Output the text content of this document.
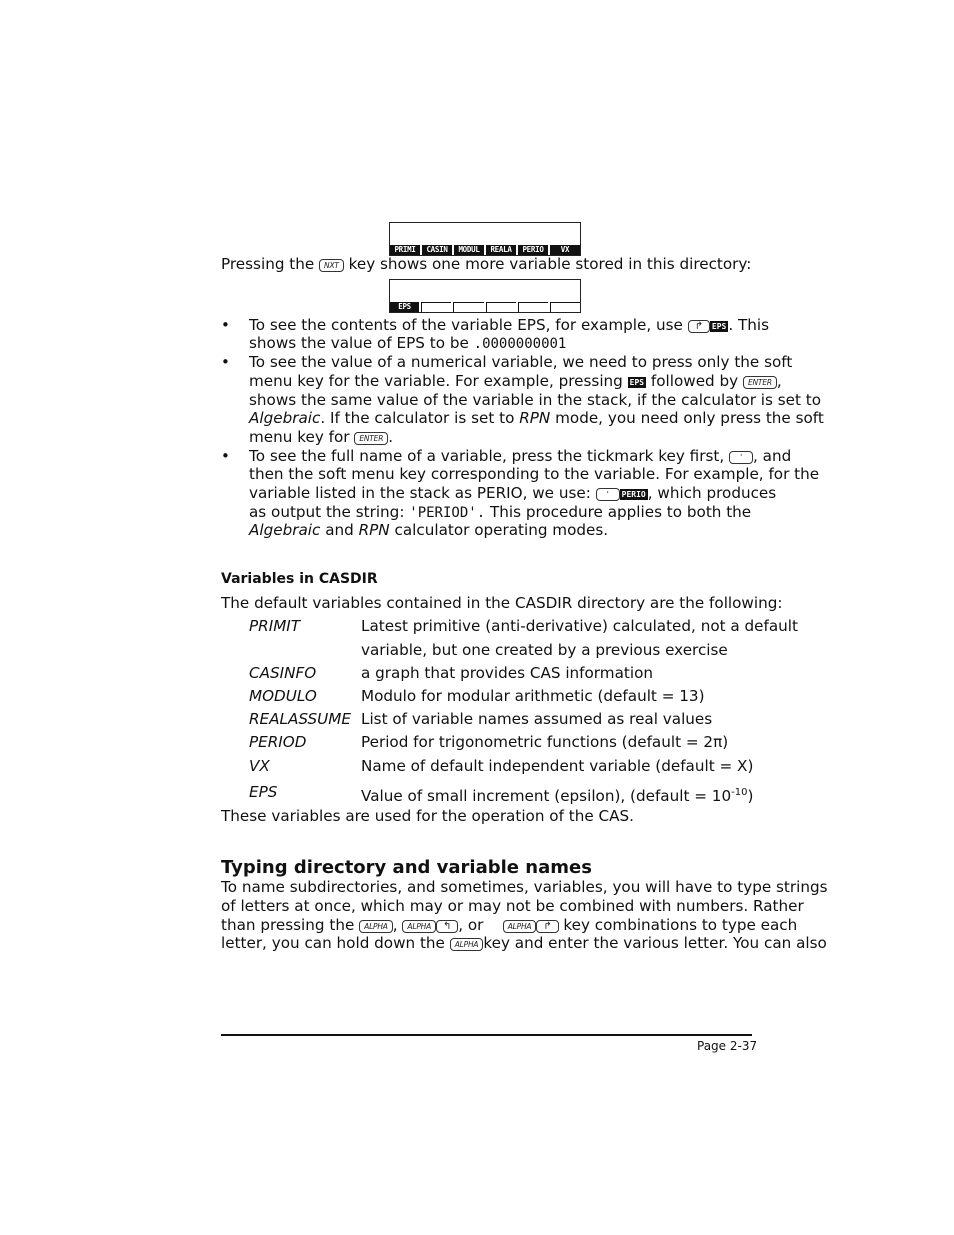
PRIMI	CASIN	MODUL	REALA	PERIO	VX
Pressing the NXT key shows one more variable stored in this directory:
EPS
• To see the contents of the variable EPS, for example, use ↱ EPS . This
shows the value of EPS to be .0000000001
• To see the value of a numerical variable, we need to press only the soft
menu key for the variable. For example, pressing EPS followed by ENTER ,
shows the same value of the variable in the stack, if the calculator is set to
Algebraic. If the calculator is set to RPN mode, you need only press the soft
menu key for ENTER .
• To see the full name of a variable, press the tickmark key first, ' , and
then the soft menu key corresponding to the variable. For example, for the
variable listed in the stack as PERIO, we use: ' PERIO , which produces
as output the string: 'PERIOD'. This procedure applies to both the
Algebraic and RPN calculator operating modes.
Variables in CASDIR
The default variables contained in the CASDIR directory are the following:
PRIMIT	Latest primitive (anti-derivative) calculated, not a default
variable, but one created by a previous exercise
CASINFO	a graph that provides CAS information
MODULO	Modulo for modular arithmetic (default = 13)
REALASSUME List of variable names assumed as real values
PERIOD	Period for trigonometric functions (default = 2π)
VX	Name of default independent variable (default = X)
EPS	Value of small increment (epsilon), (default = $10^{-10}$)
These variables are used for the operation of the CAS.
Typing directory and variable names
To name subdirectories, and sometimes, variables, you will have to type strings
of letters at once, which may or may not be combined with numbers. Rather
than pressing the ALPHA , ALPHA ↰ , or	ALPHA ↱ key combinations to type each
letter, you can hold down the ALPHA key and enter the various letter. You can also
Page 2-37
